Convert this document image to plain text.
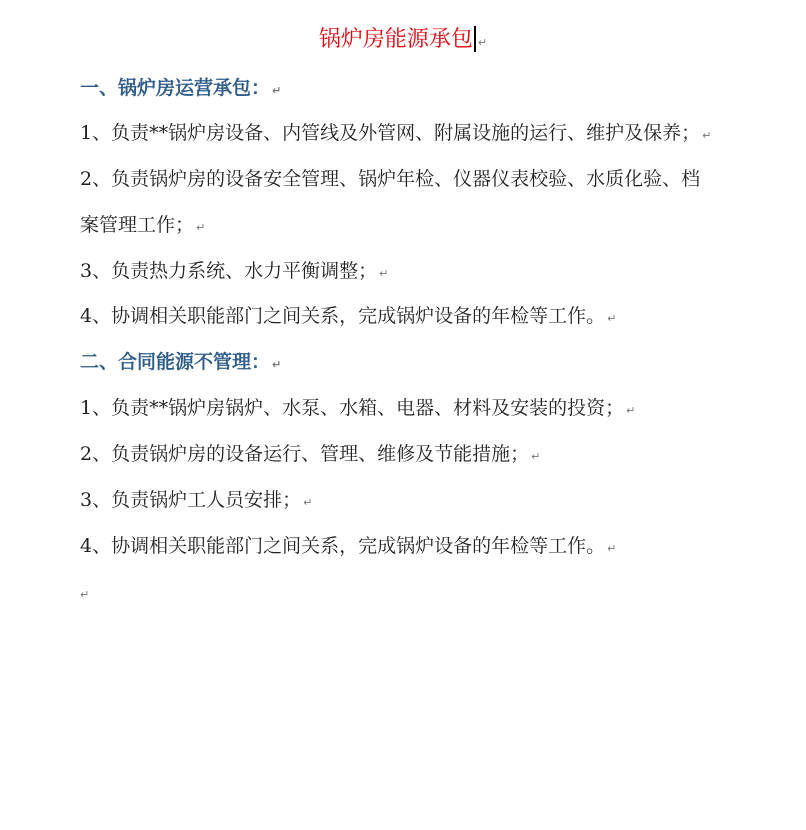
锅炉房能源承包 ↵
一、锅炉房运营承包： ↵
1、负责**锅炉房设备、内管线及外管网、附属设施的运行、维护及保养； ↵
2、负责锅炉房的设备安全管理、锅炉年检、仪器仪表校验、水质化验、档
案管理工作； ↵
3、负责热力系统、水力平衡调整； ↵
4、协调相关职能部门之间关系，完成锅炉设备的年检等工作。 ↵
二、合同能源不管理： ↵
1、负责**锅炉房锅炉、水泵、水箱、电器、材料及安装的投资； ↵
2、负责锅炉房的设备运行、管理、维修及节能措施； ↵
3、负责锅炉工人员安排； ↵
4、协调相关职能部门之间关系，完成锅炉设备的年检等工作。 ↵
↵
